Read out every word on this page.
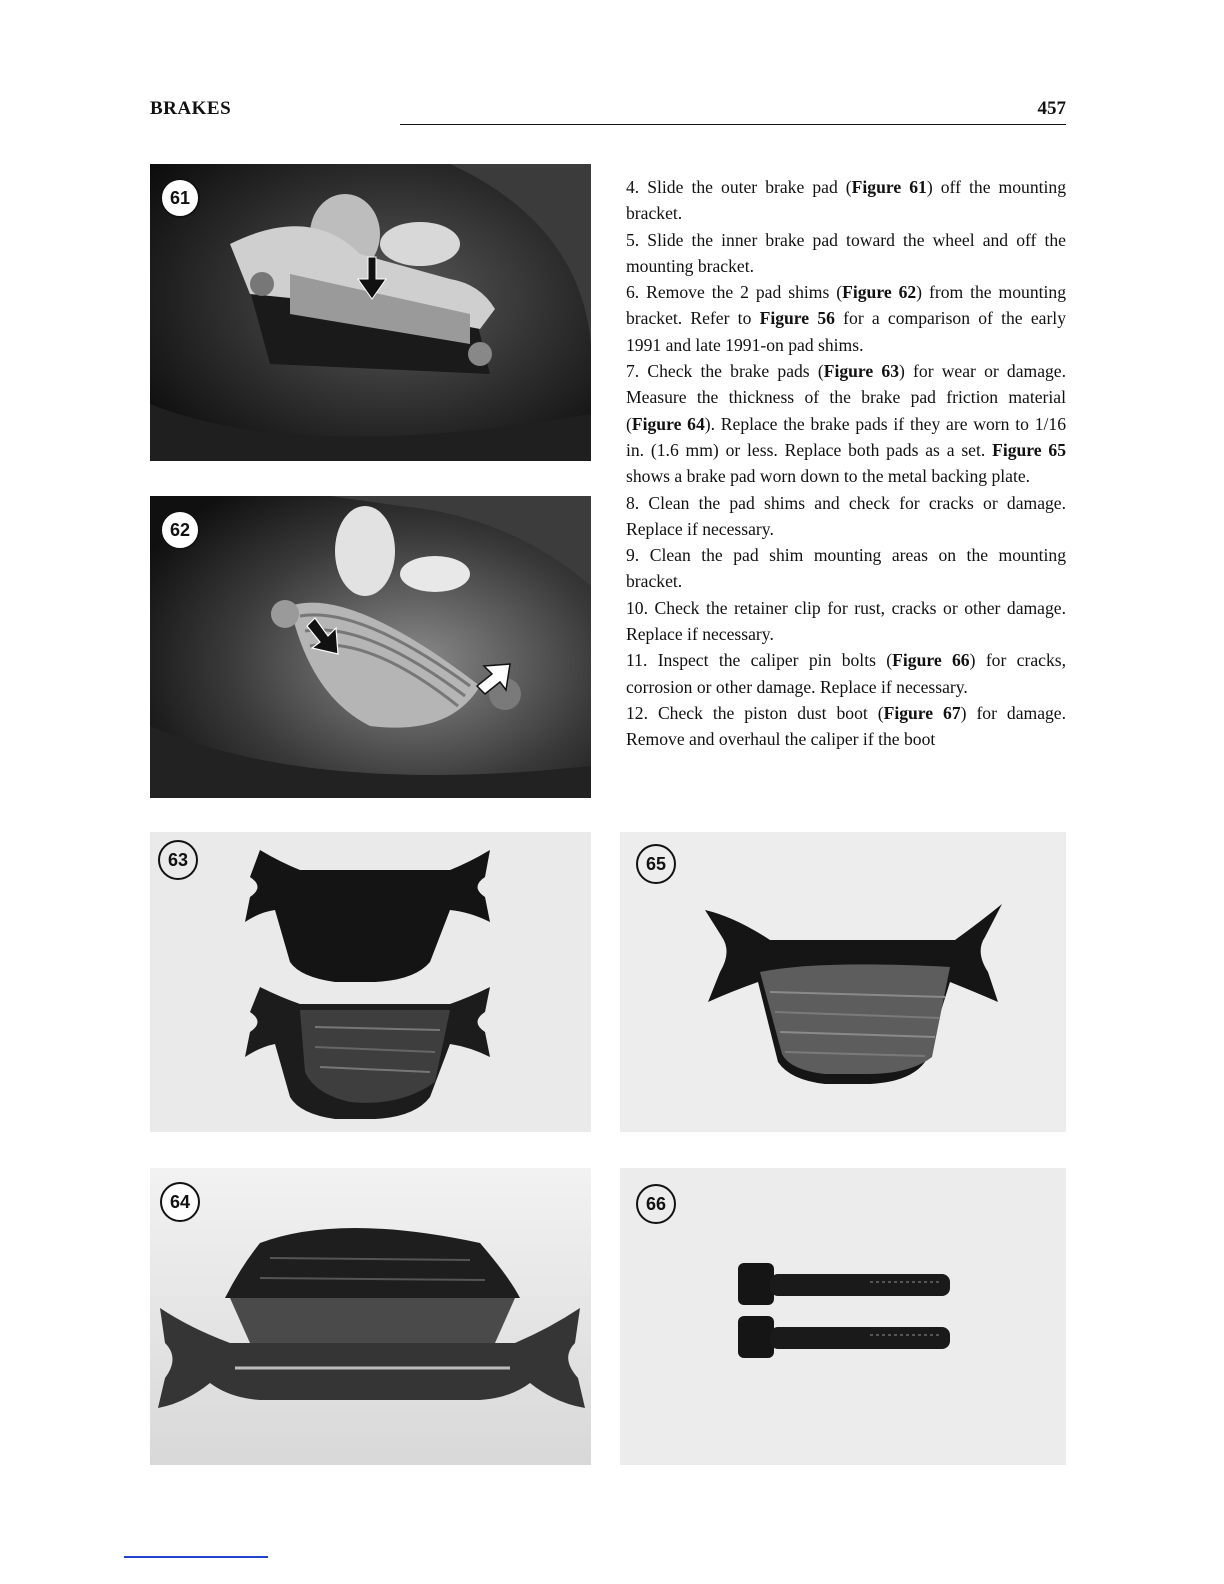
BRAKES	457

4. Slide the outer brake pad (Figure 61) off the mounting bracket.

5. Slide the inner brake pad toward the wheel and off the mounting bracket.

6. Remove the 2 pad shims (Figure 62) from the mounting bracket. Refer to Figure 56 for a comparison of the early 1991 and late 1991-on pad shims.

7. Check the brake pads (Figure 63) for wear or damage. Measure the thickness of the brake pad friction material (Figure 64). Replace the brake pads if they are worn to 1/16 in. (1.6 mm) or less. Replace both pads as a set. Figure 65 shows a brake pad worn down to the metal backing plate.

8. Clean the pad shims and check for cracks or damage. Replace if necessary.

9. Clean the pad shim mounting areas on the mounting bracket.

10. Check the retainer clip for rust, cracks or other damage. Replace if necessary.

11. Inspect the caliper pin bolts (Figure 66) for cracks, corrosion or other damage. Replace if necessary.

12. Check the piston dust boot (Figure 67) for damage. Remove and overhaul the caliper if the boot

61
62
63	65
64	66
